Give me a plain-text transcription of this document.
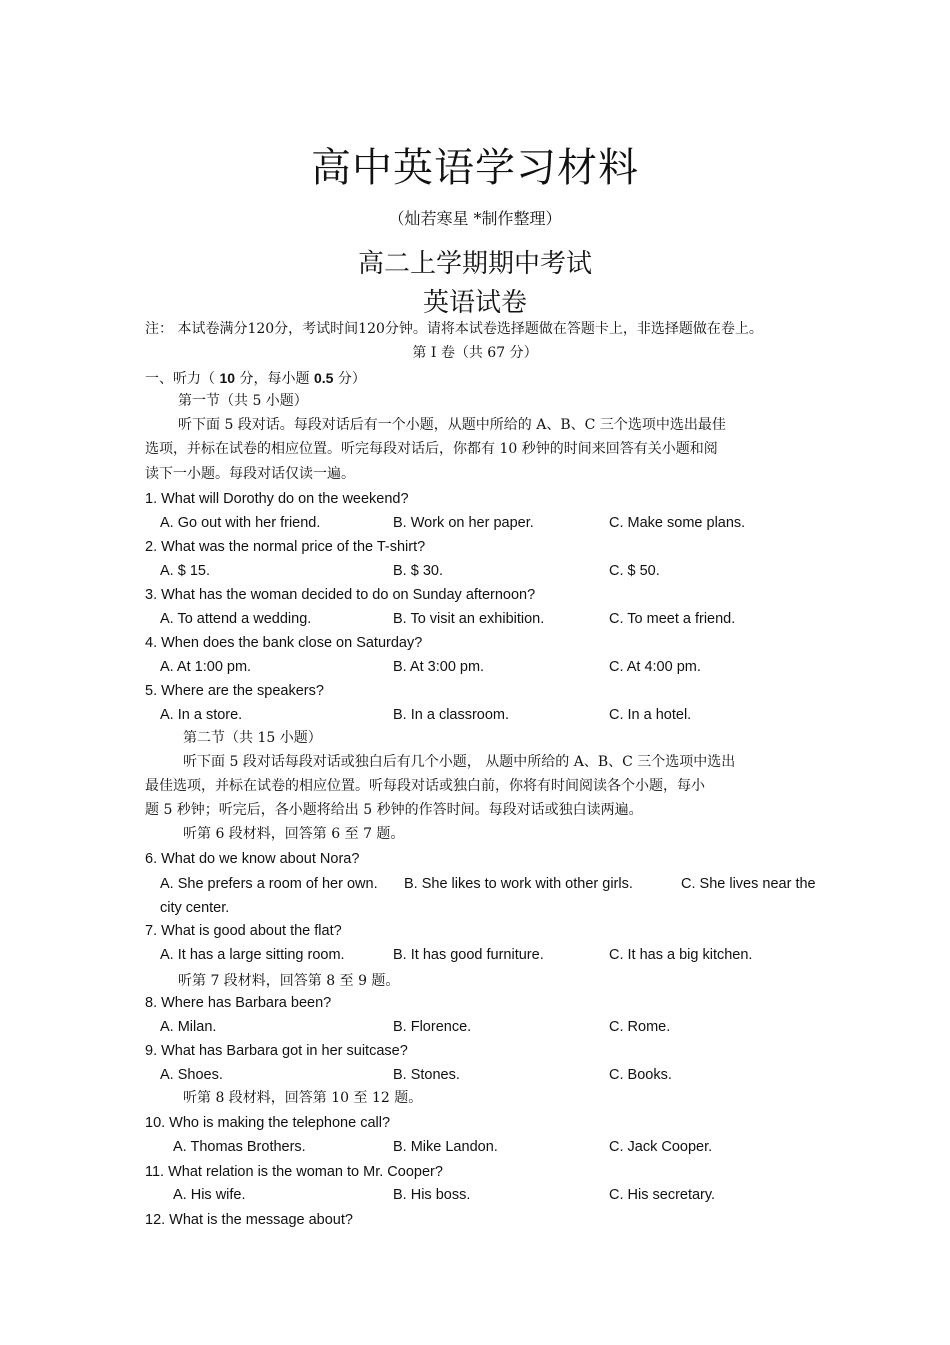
高中英语学习材料
（灿若寒星 *制作整理）
高二上学期期中考试
英语试卷
注： 本试卷满分120分，考试时间120分钟。请将本试卷选择题做在答题卡上，非选择题做在卷上。
第 I 卷（共 67 分）
一、听力（ 10 分，每小题 0.5 分）
第一节（共 5 小题）
听下面 5 段对话。每段对话后有一个小题，从题中所给的 A、B、C 三个选项中选出最佳
选项，并标在试卷的相应位置。听完每段对话后，你都有 10 秒钟的时间来回答有关小题和阅
读下一小题。每段对话仅读一遍。
1. What will Dorothy do on the weekend?
A. Go out with her friend.	B. Work on her paper.	C. Make some plans.
2. What was the normal price of the T-shirt?
A. $ 15.	B. $ 30.	C. $ 50.
3. What has the woman decided to do on Sunday afternoon?
A. To attend a wedding.	B. To visit an exhibition.	C. To meet a friend.
4. When does the bank close on Saturday?
A. At 1:00 pm.	B. At 3:00 pm.	C. At 4:00 pm.
5. Where are the speakers?
A. In a store.	B. In a classroom.	C. In a hotel.
第二节（共 15 小题）
听下面 5 段对话每段对话或独白后有几个小题， 从题中所给的 A、B、C 三个选项中选出
最佳选项，并标在试卷的相应位置。听每段对话或独白前，你将有时间阅读各个小题，每小
题 5 秒钟；听完后，各小题将给出 5 秒钟的作答时间。每段对话或独白读两遍。
听第 6 段材料，回答第 6 至 7 题。
6. What do we know about Nora?
A. She prefers a room of her own. B. She likes to work with other girls.	C. She lives near the
city center.
7. What is good about the flat?
A. It has a large sitting room.	B. It has good furniture.	C. It has a big kitchen.
听第 7 段材料，回答第 8 至 9 题。
8. Where has Barbara been?
A. Milan.	B. Florence.	C. Rome.
9. What has Barbara got in her suitcase?
A. Shoes.	B. Stones.	C. Books.
听第 8 段材料，回答第 10 至 12 题。
10. Who is making the telephone call?
A. Thomas Brothers.	B. Mike Landon.	C. Jack Cooper.
11. What relation is the woman to Mr. Cooper?
A. His wife.	B. His boss.	C. His secretary.
12. What is the message about?
